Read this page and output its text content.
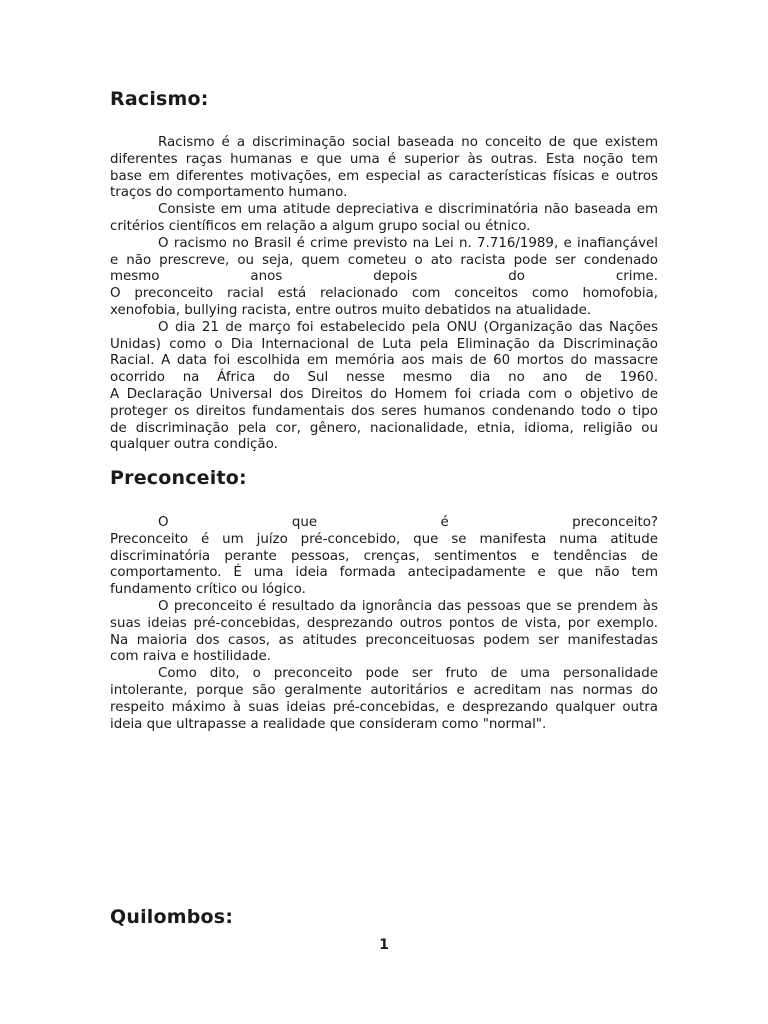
Racismo:
Racismo é a discriminação social baseada no conceito de que existem
diferentes raças humanas e que uma é superior às outras. Esta noção tem
base em diferentes motivações, em especial as características físicas e outros
traços do comportamento humano.
Consiste em uma atitude depreciativa e discriminatória não baseada em
critérios científicos em relação a algum grupo social ou étnico.
O racismo no Brasil é crime previsto na Lei n. 7.716/1989, e inafiançável
e não prescreve, ou seja, quem cometeu o ato racista pode ser condenado
mesmo anos depois do crime.
O preconceito racial está relacionado com conceitos como homofobia,
xenofobia, bullying racista, entre outros muito debatidos na atualidade.
O dia 21 de março foi estabelecido pela ONU (Organização das Nações
Unidas) como o Dia Internacional de Luta pela Eliminação da Discriminação
Racial. A data foi escolhida em memória aos mais de 60 mortos do massacre
ocorrido na África do Sul nesse mesmo dia no ano de 1960.
A Declaração Universal dos Direitos do Homem foi criada com o objetivo de
proteger os direitos fundamentais dos seres humanos condenando todo o tipo
de discriminação pela cor, gênero, nacionalidade, etnia, idioma, religião ou
qualquer outra condição.
Preconceito:
O que é preconceito?
Preconceito é um juízo pré-concebido, que se manifesta numa atitude
discriminatória perante pessoas, crenças, sentimentos e tendências de
comportamento. É uma ideia formada antecipadamente e que não tem
fundamento crítico ou lógico.
O preconceito é resultado da ignorância das pessoas que se prendem às
suas ideias pré-concebidas, desprezando outros pontos de vista, por exemplo.
Na maioria dos casos, as atitudes preconceituosas podem ser manifestadas
com raiva e hostilidade.
Como dito, o preconceito pode ser fruto de uma personalidade
intolerante, porque são geralmente autoritários e acreditam nas normas do
respeito máximo à suas ideias pré-concebidas, e desprezando qualquer outra
ideia que ultrapasse a realidade que consideram como "normal".
Quilombos:
1
